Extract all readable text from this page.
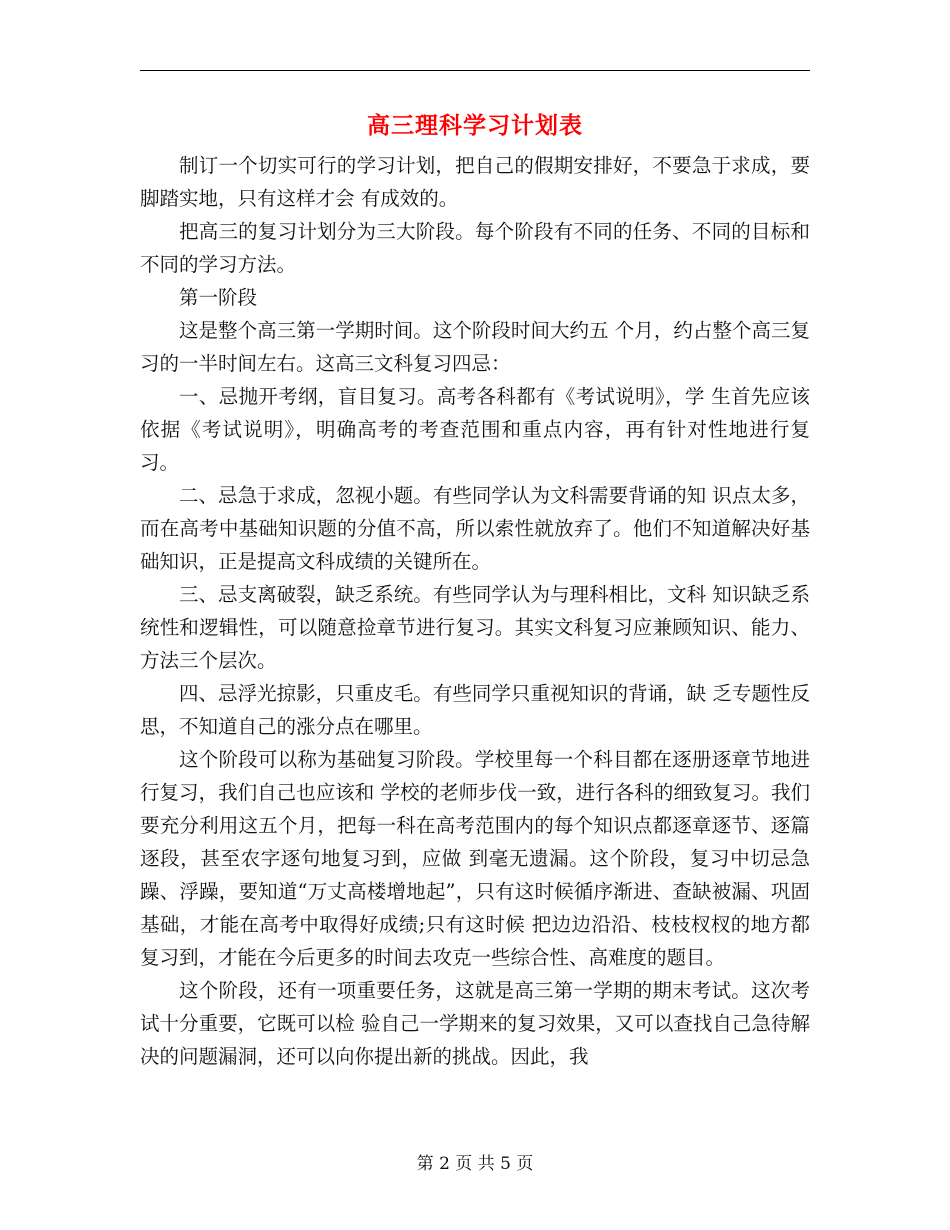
高三理科学习计划表

制订一个切实可行的学习计划，把自己的假期安排好，不要急于求成，要脚踏实地，只有这样才会 有成效的。

把高三的复习计划分为三大阶段。每个阶段有不同的任务、不同的目标和不同的学习方法。

第一阶段

这是整个高三第一学期时间。这个阶段时间大约五 个月，约占整个高三复习的一半时间左右。这高三文科复习四忌：

一、忌抛开考纲，盲目复习。高考各科都有《考试说明》，学 生首先应该依据《考试说明》，明确高考的考查范围和重点内容，再有针对性地进行复习。

二、忌急于求成，忽视小题。有些同学认为文科需要背诵的知 识点太多，而在高考中基础知识题的分值不高，所以索性就放弃了。他们不知道解决好基础知识，正是提高文科成绩的关键所在。

三、忌支离破裂，缺乏系统。有些同学认为与理科相比，文科 知识缺乏系统性和逻辑性，可以随意捡章节进行复习。其实文科复习应兼顾知识、能力、方法三个层次。

四、忌浮光掠影，只重皮毛。有些同学只重视知识的背诵，缺 乏专题性反思，不知道自己的涨分点在哪里。

这个阶段可以称为基础复习阶段。学校里每一个科目都在逐册逐章节地进行复习，我们自己也应该和 学校的老师步伐一致，进行各科的细致复习。我们要充分利用这五个月，把每一科在高考范围内的每个知识点都逐章逐节、逐篇逐段，甚至农字逐句地复习到，应做 到毫无遗漏。这个阶段，复习中切忌急躁、浮躁，要知道“万丈高楼增地起”，只有这时候循序渐进、查缺被漏、巩固基础，才能在高考中取得好成绩;只有这时候 把边边沿沿、枝枝杈杈的地方都复习到，才能在今后更多的时间去攻克一些综合性、高难度的题目。

这个阶段，还有一项重要任务，这就是高三第一学期的期末考试。这次考试十分重要，它既可以检 验自己一学期来的复习效果，又可以查找自己急待解决的问题漏洞，还可以向你提出新的挑战。因此，我

第 2 页 共 5 页
